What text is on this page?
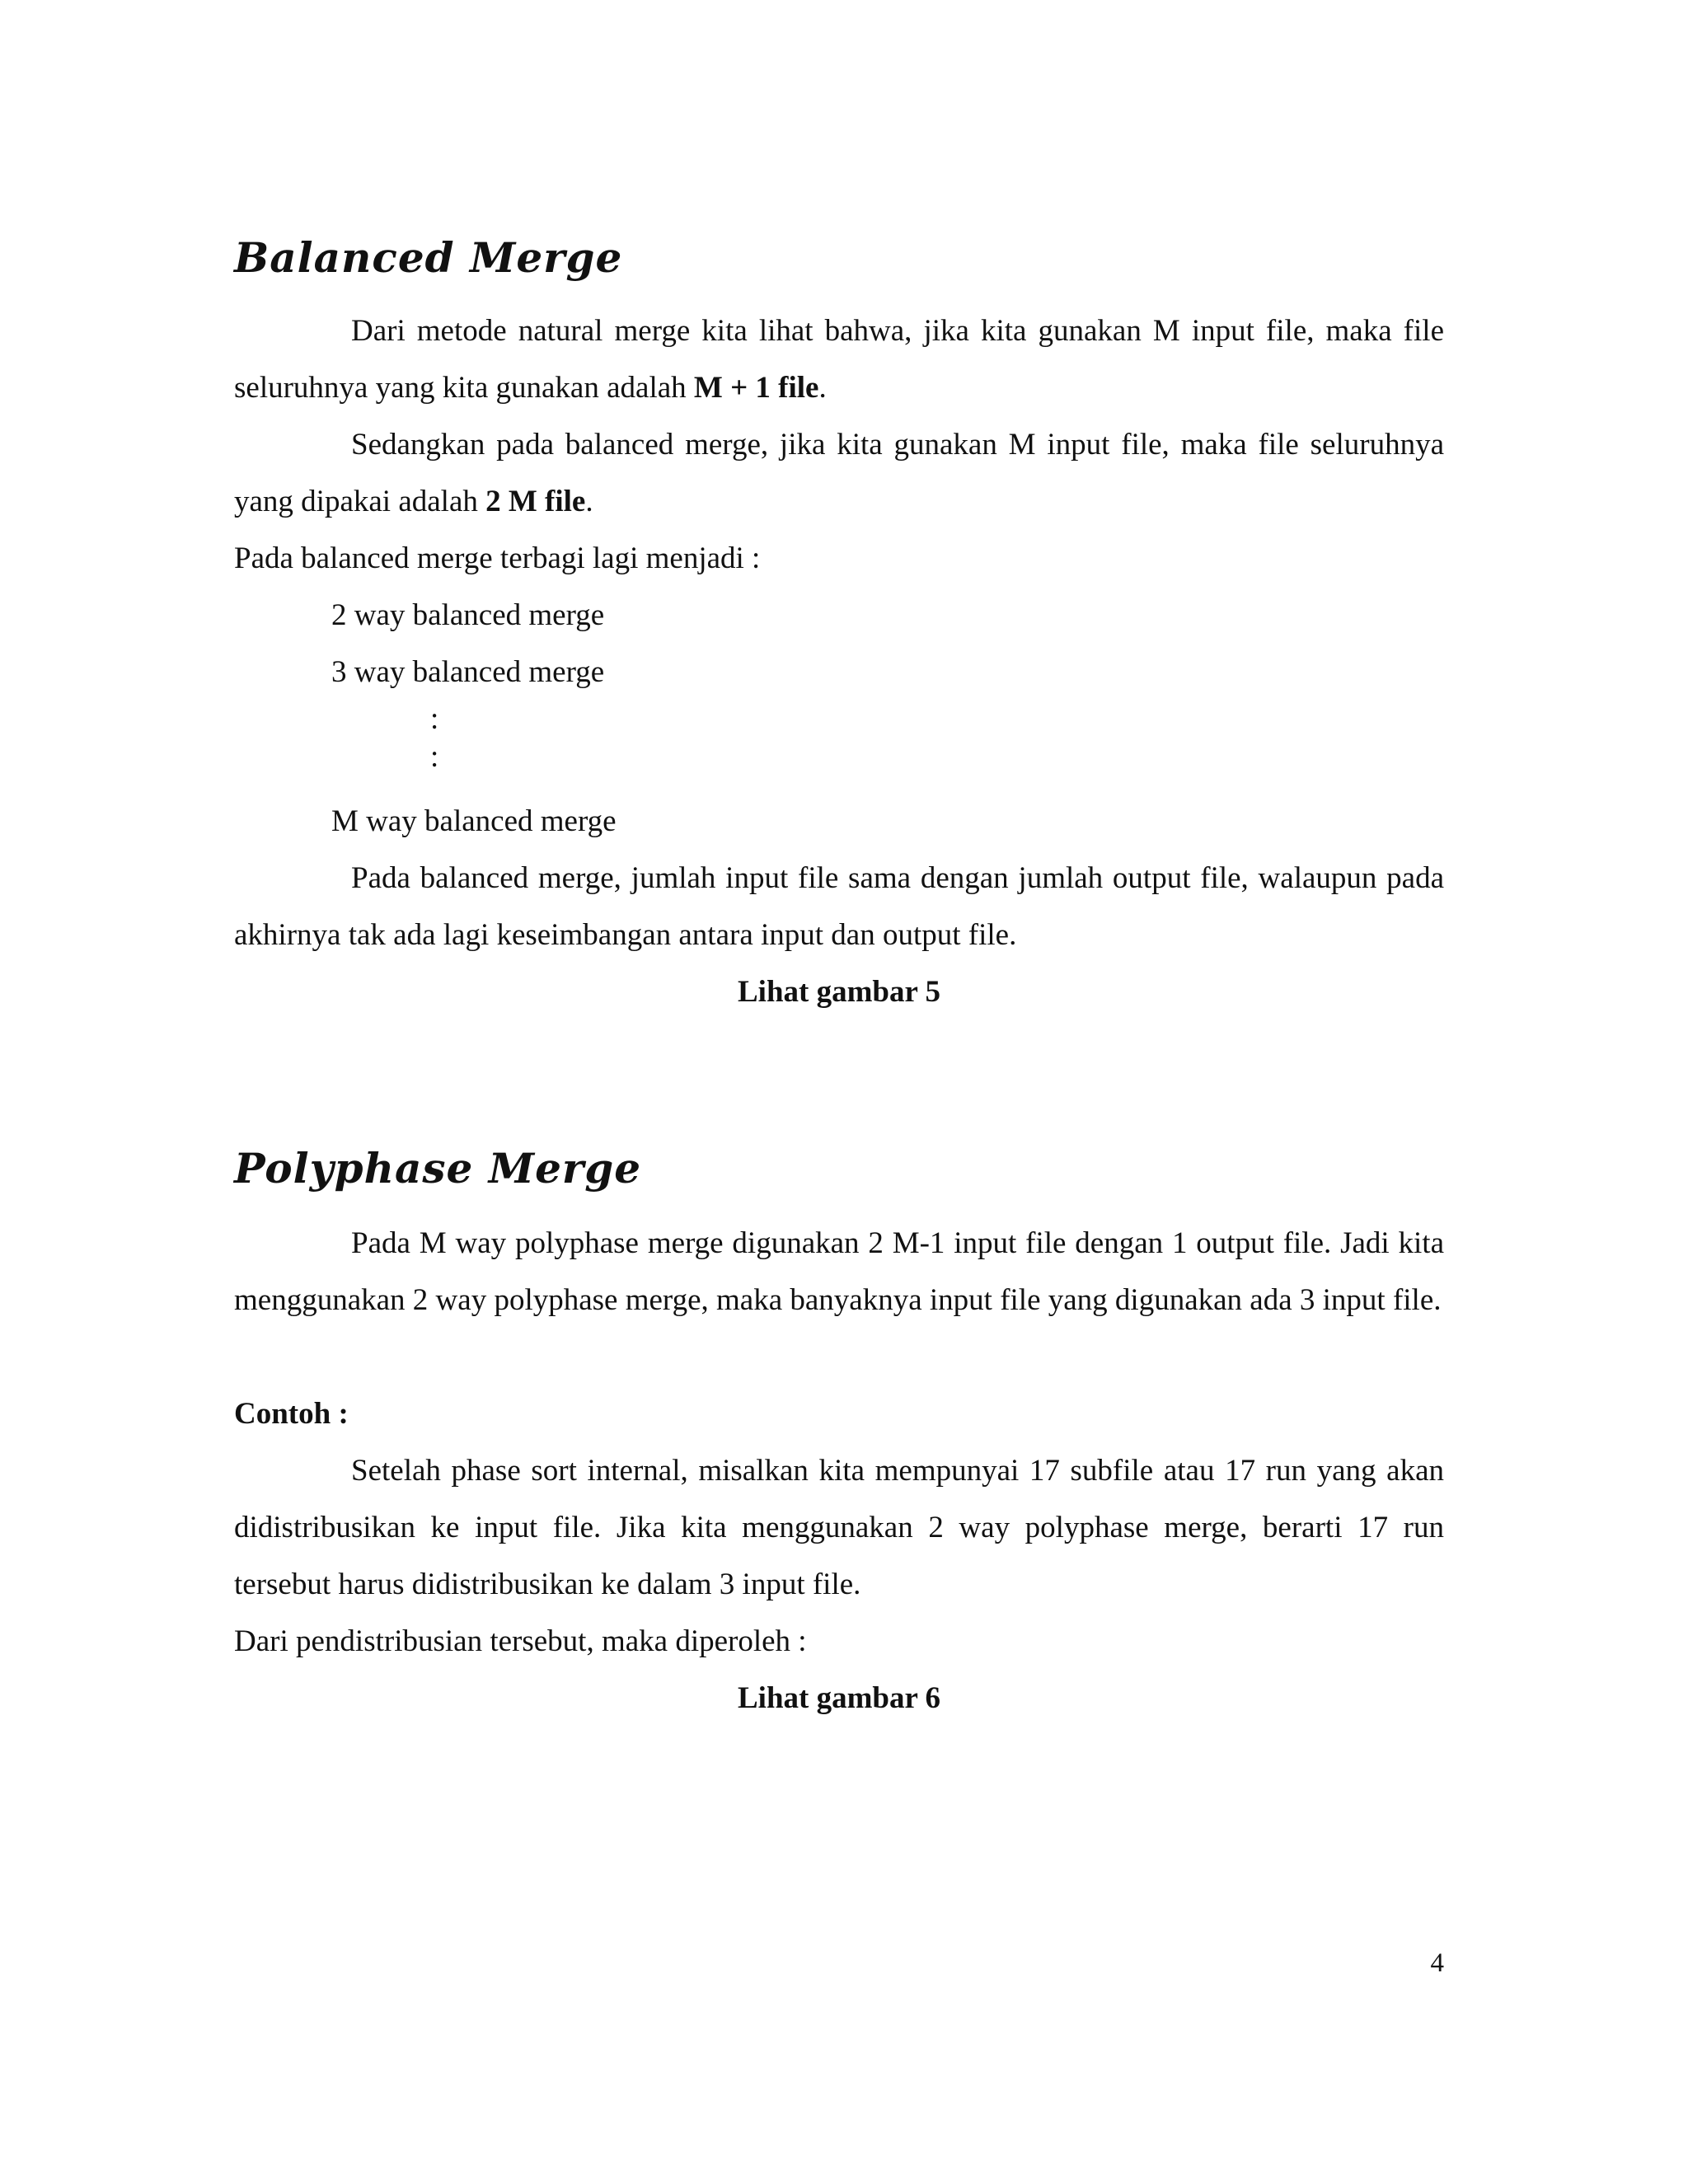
Balanced Merge

Dari metode natural merge kita lihat bahwa, jika kita gunakan M input file, maka file seluruhnya yang kita gunakan adalah M + 1 file.

Sedangkan pada balanced merge, jika kita gunakan M input file, maka file seluruhnya yang dipakai adalah 2 M file.

Pada balanced merge terbagi lagi menjadi :

2 way balanced merge

3 way balanced merge

:

:

M way balanced merge

Pada balanced merge, jumlah input file sama dengan jumlah output file, walaupun pada akhirnya tak ada lagi keseimbangan antara input dan output file.

Lihat gambar 5

Polyphase Merge

Pada M way polyphase merge digunakan 2 M-1 input file dengan 1 output file. Jadi kita menggunakan 2 way polyphase merge, maka banyaknya input file yang digunakan ada 3 input file.

Contoh :

Setelah phase sort internal, misalkan kita mempunyai 17 subfile atau 17 run yang akan didistribusikan ke input file. Jika kita menggunakan 2 way polyphase merge, berarti 17 run tersebut harus didistribusikan ke dalam 3 input file.

Dari pendistribusian tersebut, maka diperoleh :

Lihat gambar 6

4
